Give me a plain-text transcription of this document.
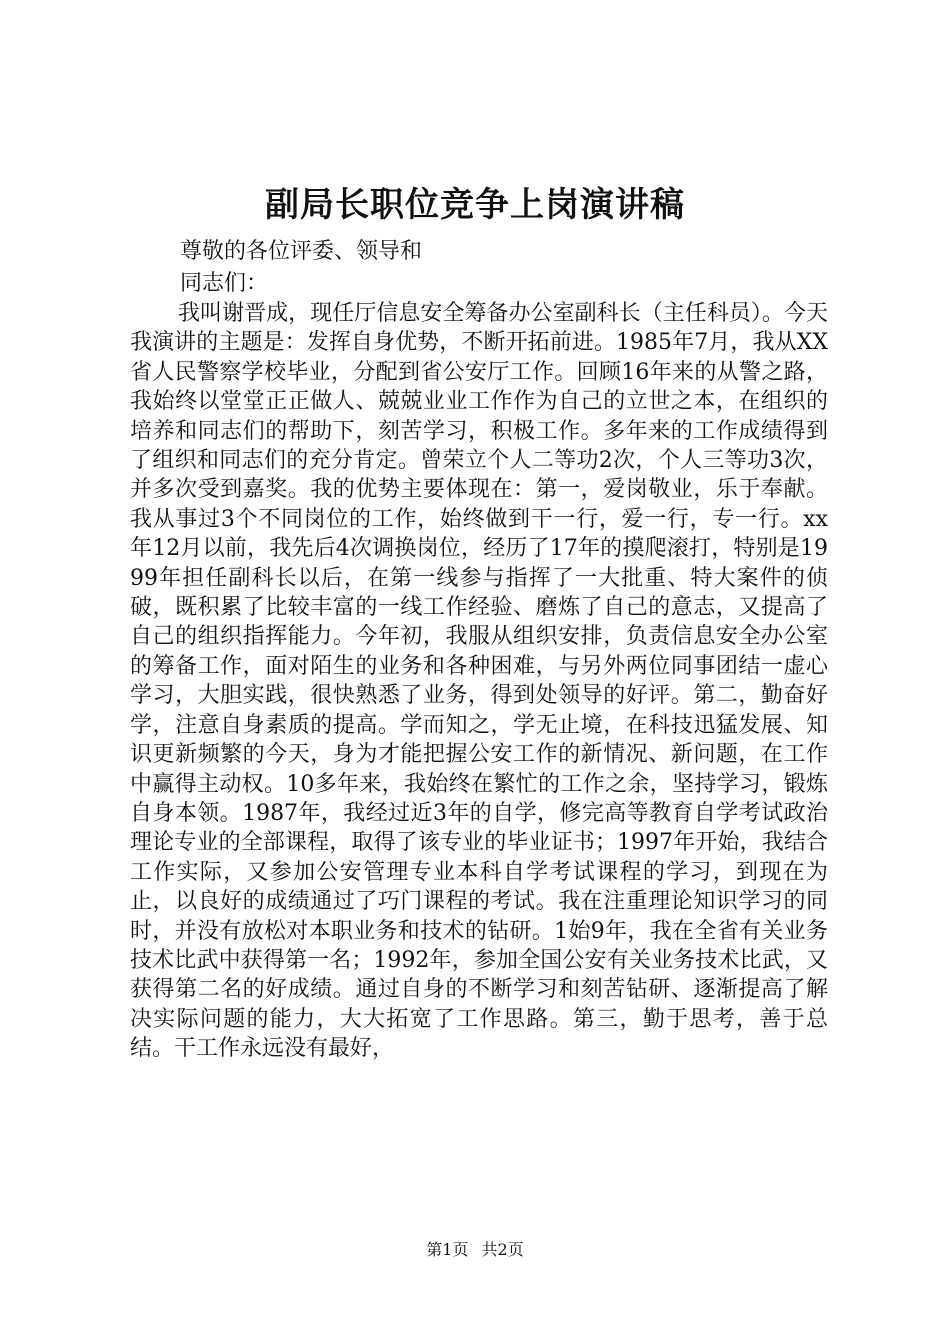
副局长职位竞争上岗演讲稿

尊敬的各位评委、领导和

同志们：

我叫谢晋成，现任厅信息安全筹备办公室副科长（主任科员）。今天我演讲的主题是：发挥自身优势，不断开拓前进。1985年7月，我从XX省人民警察学校毕业，分配到省公安厅工作。回顾16年来的从警之路，我始终以堂堂正正做人、兢兢业业工作作为自己的立世之本，在组织的培养和同志们的帮助下，刻苦学习，积极工作。多年来的工作成绩得到了组织和同志们的充分肯定。曾荣立个人二等功2次，个人三等功3次，并多次受到嘉奖。我的优势主要体现在：第一，爱岗敬业，乐于奉献。我从事过3个不同岗位的工作，始终做到干一行，爱一行，专一行。xx年12月以前，我先后4次调换岗位，经历了17年的摸爬滚打，特别是1999年担任副科长以后，在第一线参与指挥了一大批重、特大案件的侦破，既积累了比较丰富的一线工作经验、磨炼了自己的意志，又提高了自己的组织指挥能力。今年初，我服从组织安排，负责信息安全办公室的筹备工作，面对陌生的业务和各种困难，与另外两位同事团结一虚心学习，大胆实践，很快熟悉了业务，得到处领导的好评。第二，勤奋好学，注意自身素质的提高。学而知之，学无止境，在科技迅猛发展、知识更新频繁的今天，身为才能把握公安工作的新情况、新问题，在工作中赢得主动权。10多年来，我始终在繁忙的工作之余，坚持学习，锻炼自身本领。1987年，我经过近3年的自学，修完高等教育自学考试政治理论专业的全部课程，取得了该专业的毕业证书；1997年开始，我结合工作实际，又参加公安管理专业本科自学考试课程的学习，到现在为止，以良好的成绩通过了巧门课程的考试。我在注重理论知识学习的同时，并没有放松对本职业务和技术的钻研。1始9年，我在全省有关业务技术比武中获得第一名；1992年，参加全国公安有关业务技术比武，又获得第二名的好成绩。通过自身的不断学习和刻苦钻研、逐渐提高了解决实际问题的能力，大大拓宽了工作思路。第三，勤于思考，善于总结。干工作永远没有最好，

第1页 共2页
